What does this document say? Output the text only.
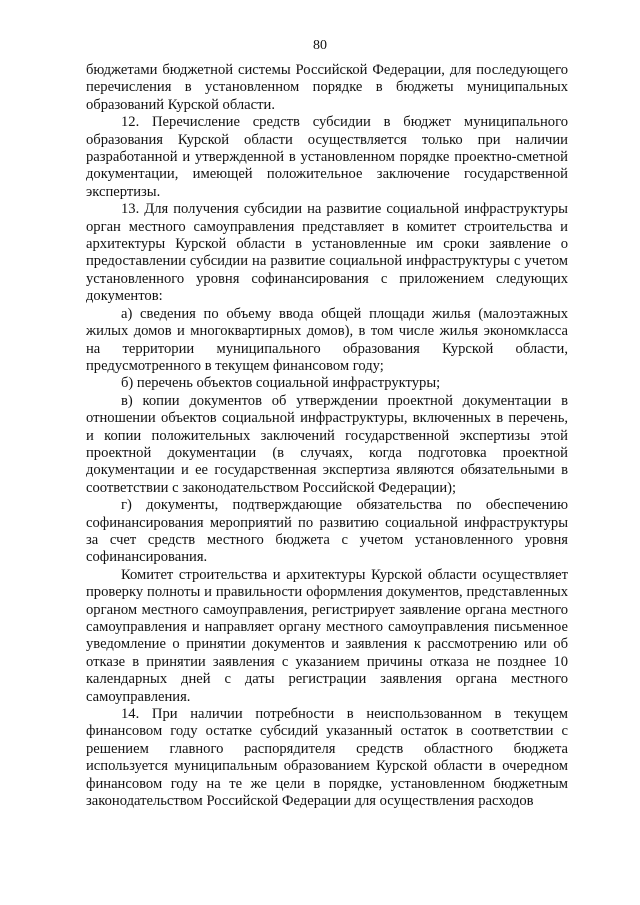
80

бюджетами бюджетной системы Российской Федерации, для последующего перечисления в установленном порядке в бюджеты муниципальных образований Курской области.

12. Перечисление средств субсидии в бюджет муниципального образования Курской области осуществляется только при наличии разработанной и утвержденной в установленном порядке проектно-сметной документации, имеющей положительное заключение государственной экспертизы.

13. Для получения субсидии на развитие социальной инфраструктуры орган местного самоуправления представляет в комитет строительства и архитектуры Курской области в установленные им сроки заявление о предоставлении субсидии на развитие социальной инфраструктуры с учетом установленного уровня софинансирования с приложением следующих документов:

а) сведения по объему ввода общей площади жилья (малоэтажных жилых домов и многоквартирных домов), в том числе жилья экономкласса на территории муниципального образования Курской области, предусмотренного в текущем финансовом году;

б) перечень объектов социальной инфраструктуры;

в) копии документов об утверждении проектной документации в отношении объектов социальной инфраструктуры, включенных в перечень, и копии положительных заключений государственной экспертизы этой проектной документации (в случаях, когда подготовка проектной документации и ее государственная экспертиза являются обязательными в соответствии с законодательством Российской Федерации);

г) документы, подтверждающие обязательства по обеспечению софинансирования мероприятий по развитию социальной инфраструктуры за счет средств местного бюджета с учетом установленного уровня софинансирования.

Комитет строительства и архитектуры Курской области осуществляет проверку полноты и правильности оформления документов, представленных органом местного самоуправления, регистрирует заявление органа местного самоуправления и направляет органу местного самоуправления письменное уведомление о принятии документов и заявления к рассмотрению или об отказе в принятии заявления с указанием причины отказа не позднее 10 календарных дней с даты регистрации заявления органа местного самоуправления.

14. При наличии потребности в неиспользованном в текущем финансовом году остатке субсидий указанный остаток в соответствии с решением главного распорядителя средств областного бюджета используется муниципальным образованием Курской области в очередном финансовом году на те же цели в порядке, установленном бюджетным законодательством Российской Федерации для осуществления расходов
